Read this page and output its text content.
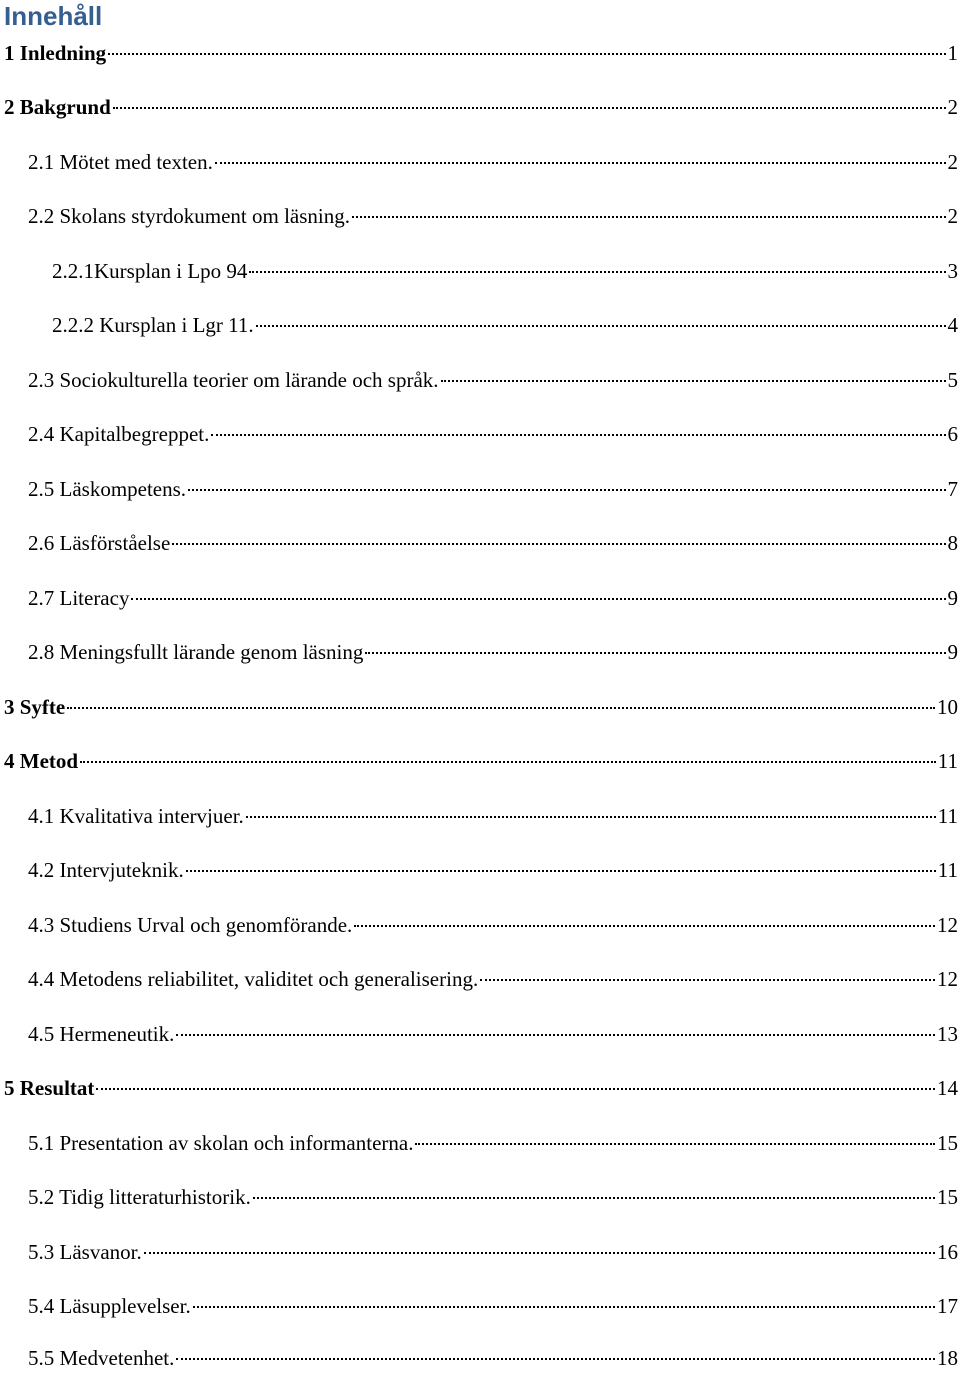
Innehåll
1 Inledning	1
2 Bakgrund	2
2.1 Mötet med texten.	2
2.2 Skolans styrdokument om läsning.	2
2.2.1Kursplan i Lpo 94	3
2.2.2 Kursplan i Lgr 11.	4
2.3 Sociokulturella teorier om lärande och språk.	5
2.4 Kapitalbegreppet.	6
2.5 Läskompetens.	7
2.6 Läsförståelse	8
2.7 Literacy	9
2.8 Meningsfullt lärande genom läsning	9
3 Syfte	10
4 Metod	11
4.1 Kvalitativa intervjuer.	11
4.2 Intervjuteknik.	11
4.3 Studiens Urval och genomförande.	12
4.4 Metodens reliabilitet, validitet och generalisering.	12
4.5 Hermeneutik.	13
5 Resultat	14
5.1 Presentation av skolan och informanterna.	15
5.2 Tidig litteraturhistorik.	15
5.3 Läsvanor.	16
5.4 Läsupplevelser.	17
5.5 Medvetenhet.	18
